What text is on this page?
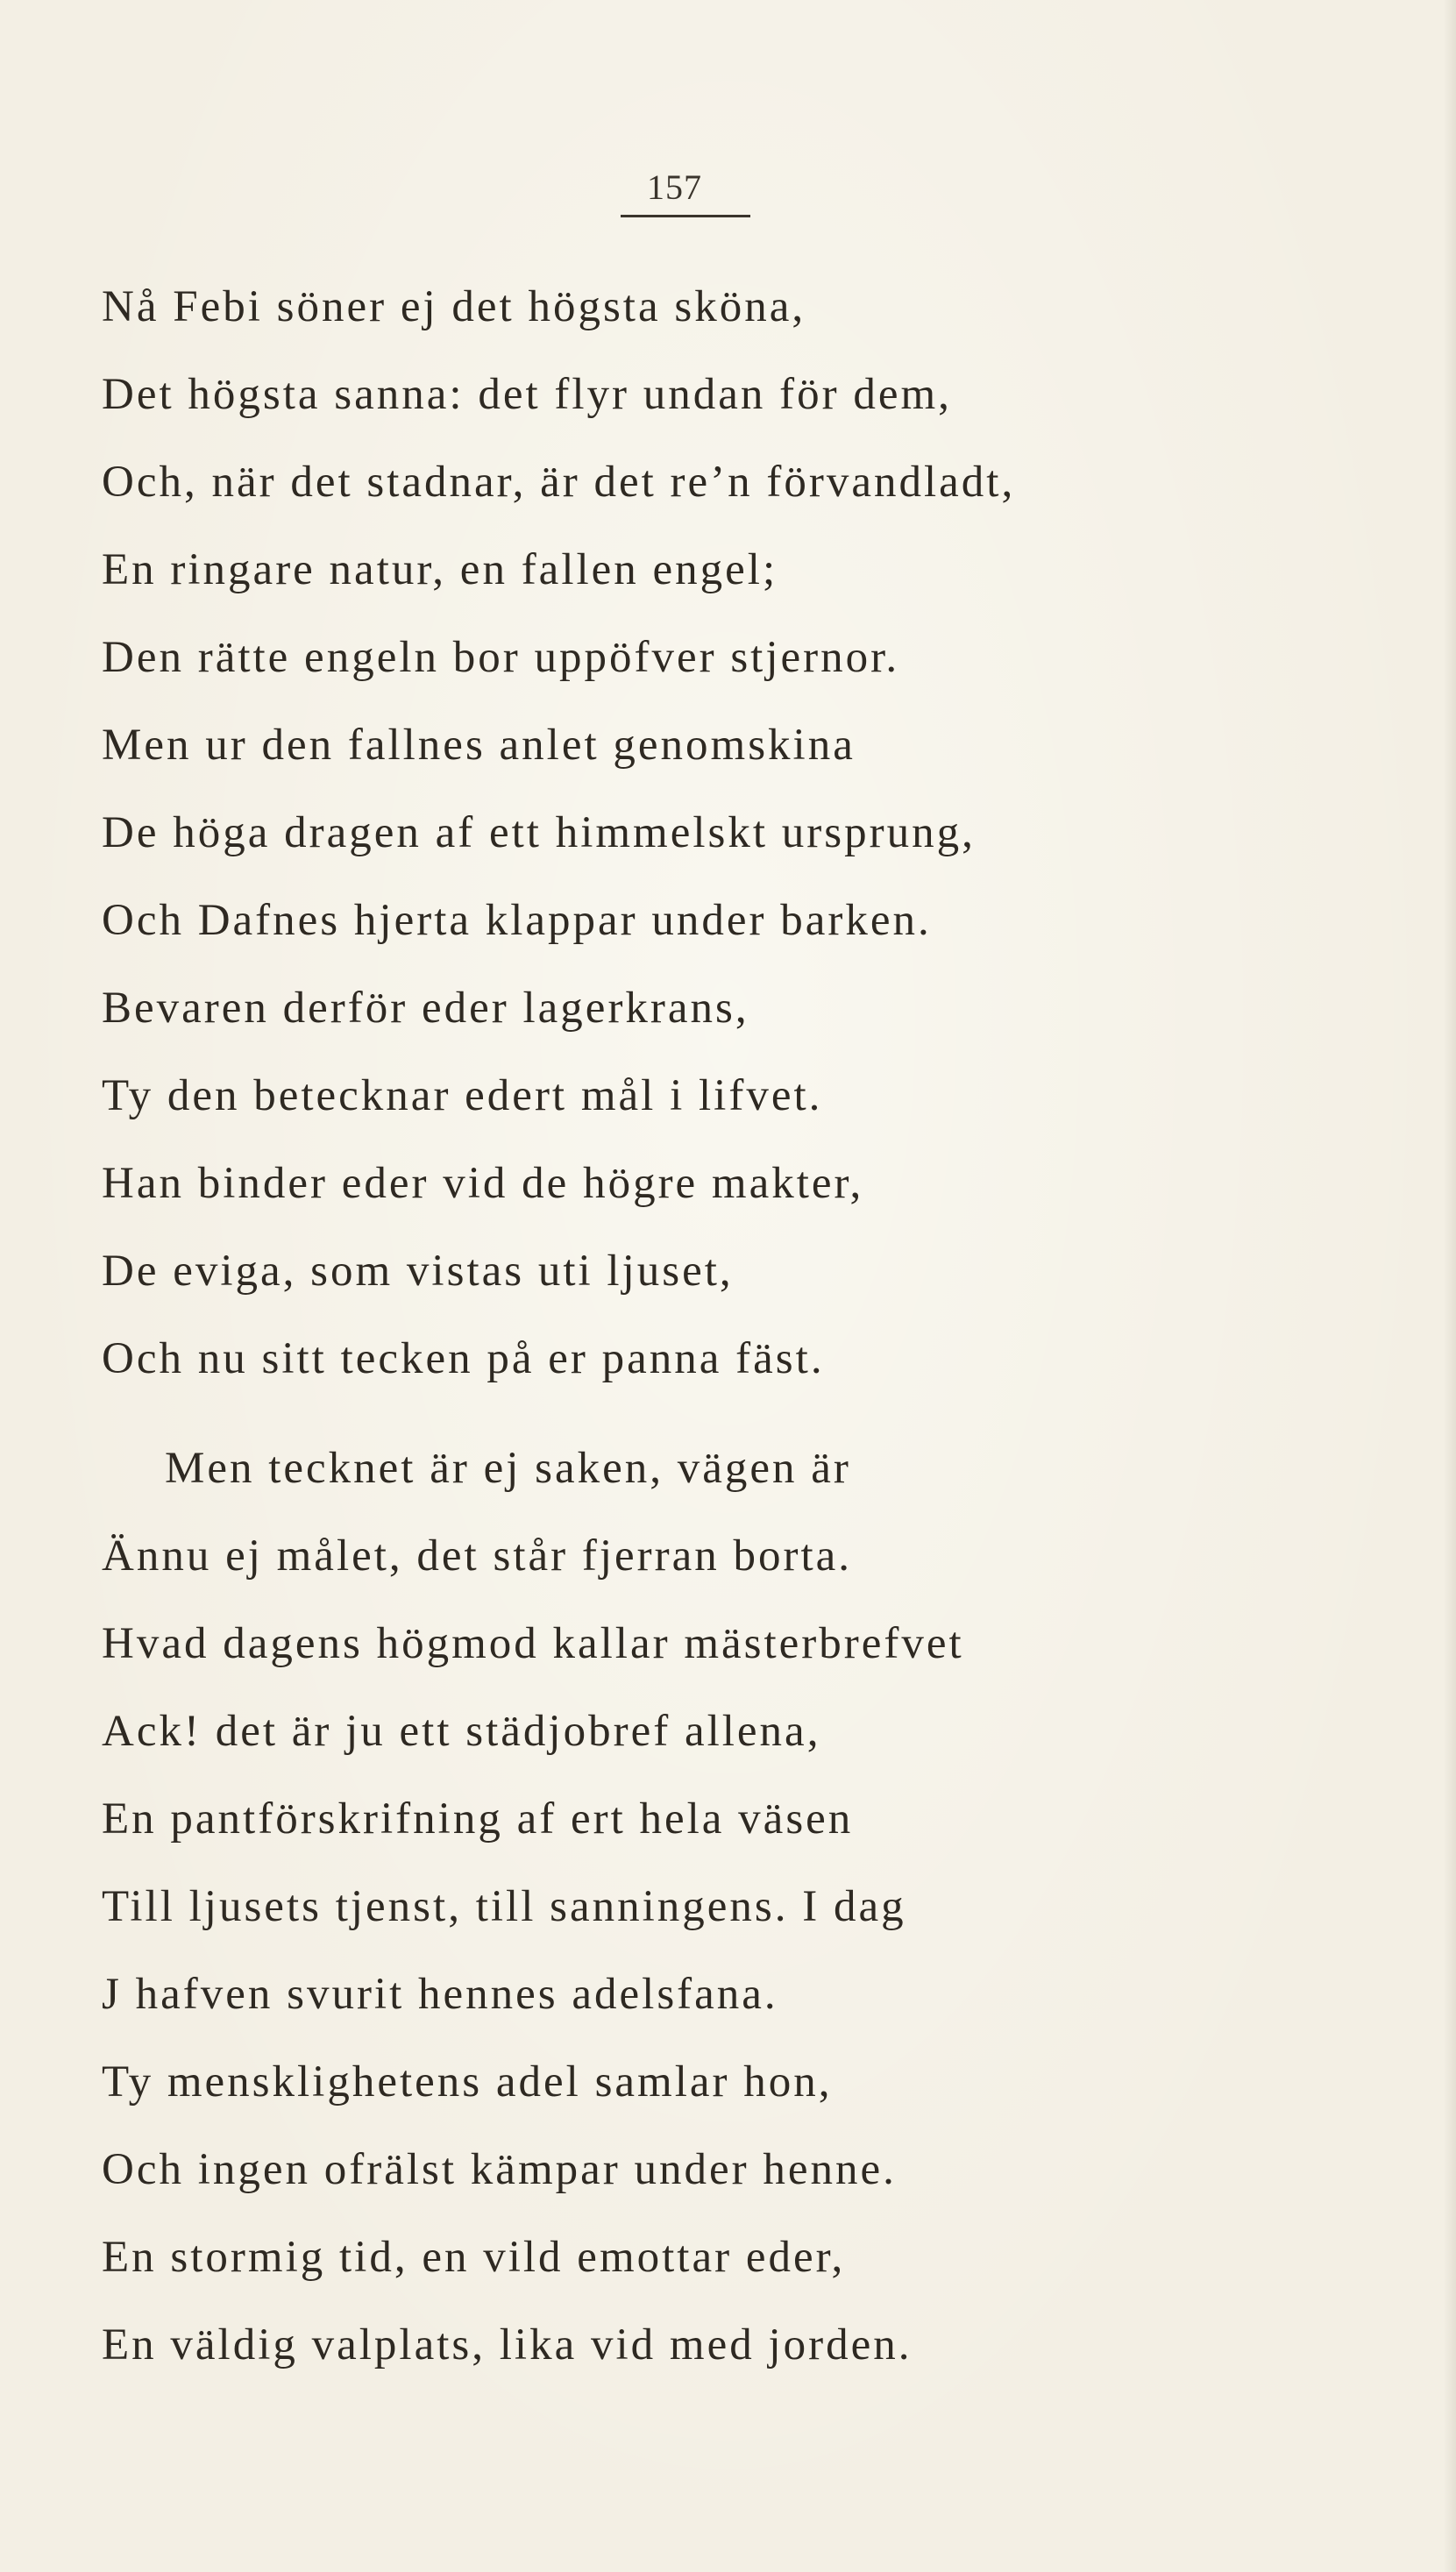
157
Nå Febi söner ej det högsta sköna,
Det högsta sanna: det flyr undan för dem,
Och, när det stadnar, är det re’n förvandladt,
En ringare natur, en fallen engel;
Den rätte engeln bor uppöfver stjernor.
Men ur den fallnes anlet genomskina
De höga dragen af ett himmelskt ursprung,
Och Dafnes hjerta klappar under barken.
Bevaren derför eder lagerkrans,
Ty den betecknar edert mål i lifvet.
Han binder eder vid de högre makter,
De eviga, som vistas uti ljuset,
Och nu sitt tecken på er panna fäst.
Men tecknet är ej saken, vägen är
Ännu ej målet, det står fjerran borta.
Hvad dagens högmod kallar mästerbrefvet
Ack! det är ju ett städjobref allena,
En pantförskrifning af ert hela väsen
Till ljusets tjenst, till sanningens. I dag
J hafven svurit hennes adelsfana.
Ty mensklighetens adel samlar hon,
Och ingen ofrälst kämpar under henne.
En stormig tid, en vild emottar eder,
En väldig valplats, lika vid med jorden.
